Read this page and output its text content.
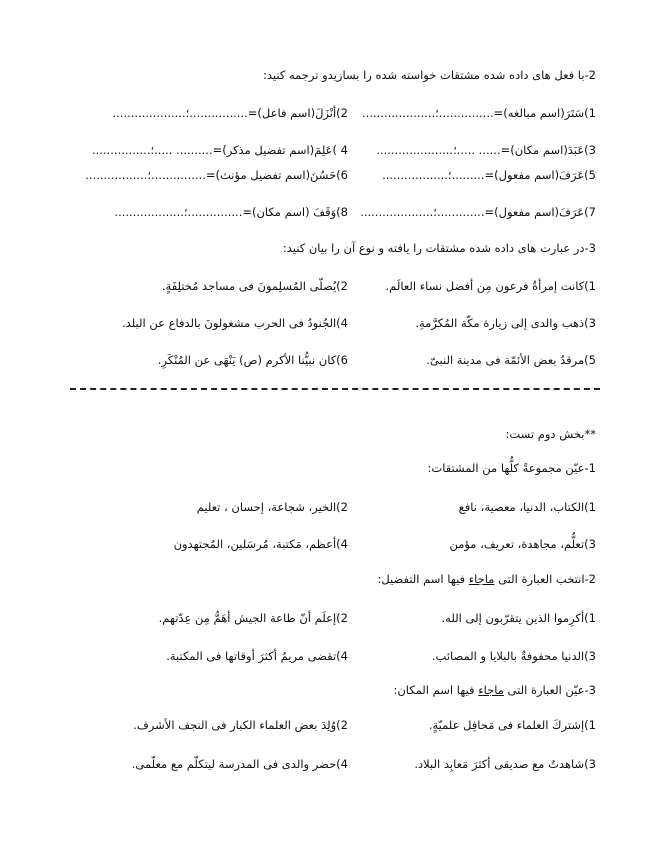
2-با فعل های داده شده مشتقات خواسته شده را بسازیدو ترجمه کنید:
1)سَتَرَ(اسم مبالغه)=...............؛....................
2)أنْزَلَ(اسم فاعل)=................؛....................
3)عَبَدَ(اسم مکان)=...... .....؛.....................
4 )عَلِمَ(اسم تفضیل مذکر)=.......... .....؛................
5)عَرَفَ(اسم مفعول)=.........؛..................
6)حَسُنَ(اسم تفضیل مؤنث)=...............؛.................
7)عَرَفَ(اسم مفعول)=.............؛....................
8)وَقَفَ (اسم مکان)=...............؛...................
3-در عبارت های داده شده مشتقات را یافته و نوع آن را بیان کنید:
1)كانت إمرأةُ فرعون مِن أفضل نساء العالَم.
2)يُصلّى المُسلِمونَ فى مساجد مُختلِفَةٍ.
3)ذهب والدى إلى زيارة مكّة المُكرَّمةِ.
4)الجُنودُ فى الحرب مشغولونَ بالدفاع عن البلد.
5)مرقدُ بعض الأئمّة فى مدينة النبىّ.
6)كان نبيُّنا الأكرم (ص) يَنْهَى عن المُنْكَرِ.
**بخش دوم تست:
1-عيّن مجموعةً كلُّها من المشتقات:
1)الكتاب، الدنيا، معصية، نافع
2)الخير، شجاعة، إحسان ، تعليم
3)تعلُّم، مجاهدة، تعريف، مؤمن
4)أعظم، مَكتبة، مُرسَلين، المُجتهدون
2-انتخب العبارة التى ماجاء فيها اسم التفضيل:
1)أكرِموا الذين يتقرّبون إلى الله.
2)إعلَم أنّ طاعة الجيش أهَمُّ مِن عِدّتهم.
3)الدنيا محفوفةٌ بالبلايا و المصائب.
4)تقضى مريمُ أكثرَ أوقاتها فى المكتبة.
3-عيّن العبارة التى ماجاء فيها اسم المكان:
1)إشتركَ العلماء فى مَحافِل علميّةٍ.
2)وُلِدَ بعض العلماء الكبار فى النجف الأشرف.
3)شاهدتُ مع صديقى أكثرَ مَعابِد البلاد.
4)حضر والدى فى المدرسة ليتكلّم مع معلّمى.
